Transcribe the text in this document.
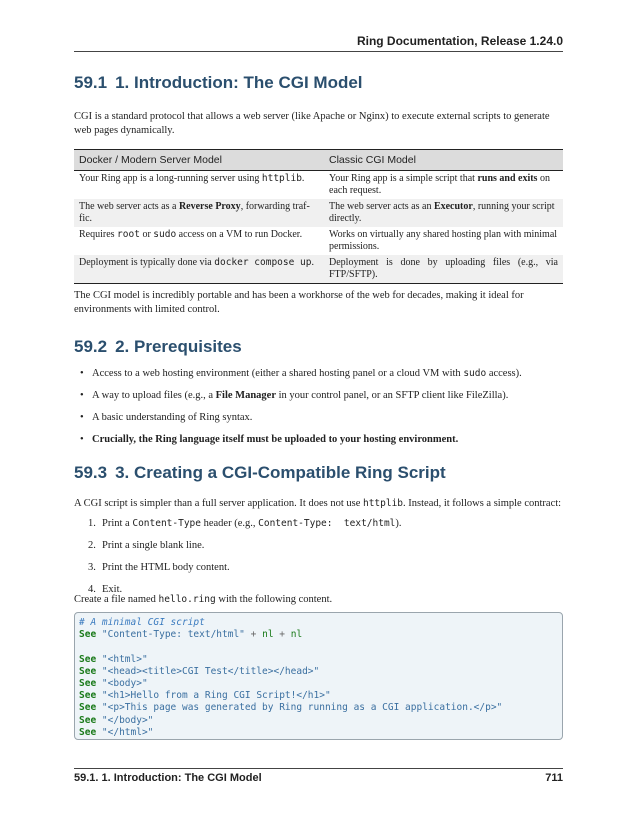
Ring Documentation, Release 1.24.0
59.1 1. Introduction: The CGI Model

CGI is a standard protocol that allows a web server (like Apache or Nginx) to execute external scripts to generate web pages dynamically.

Docker / Modern Server Model	Classic CGI Model
Your Ring app is a long-running server using httplib.	Your Ring app is a simple script that runs and exits on each request.
The web server acts as a Reverse Proxy, forwarding traf-fic.	The web server acts as an Executor, running your script directly.
Requires root or sudo access on a VM to run Docker.	Works on virtually any shared hosting plan with minimal permissions.
Deployment is typically done via docker compose up.	Deployment is done by uploading files (e.g., via FTP/SFTP).

The CGI model is incredibly portable and has been a workhorse of the web for decades, making it ideal for environments with limited control.

59.2 2. Prerequisites
• Access to a web hosting environment (either a shared hosting panel or a cloud VM with sudo access).
• A way to upload files (e.g., a File Manager in your control panel, or an SFTP client like FileZilla).
• A basic understanding of Ring syntax.
• Crucially, the Ring language itself must be uploaded to your hosting environment.
59.3 3. Creating a CGI-Compatible Ring Script

A CGI script is simpler than a full server application. It does not use httplib. Instead, it follows a simple contract:

1. Print a Content-Type header (e.g., Content-Type:  text/html).
2. Print a single blank line.
3. Print the HTML body content.
4. Exit.

Create a file named hello.ring with the following content.

# A minimal CGI script
See "Content-Type: text/html" + nl + nl

See "<html>"
See "<head><title>CGI Test</title></head>"
See "<body>"
See "<h1>Hello from a Ring CGI Script!</h1>"
See "<p>This page was generated by Ring running as a CGI application.</p>"
See "</body>"
See "</html>"
59.1. 1. Introduction: The CGI Model	711
